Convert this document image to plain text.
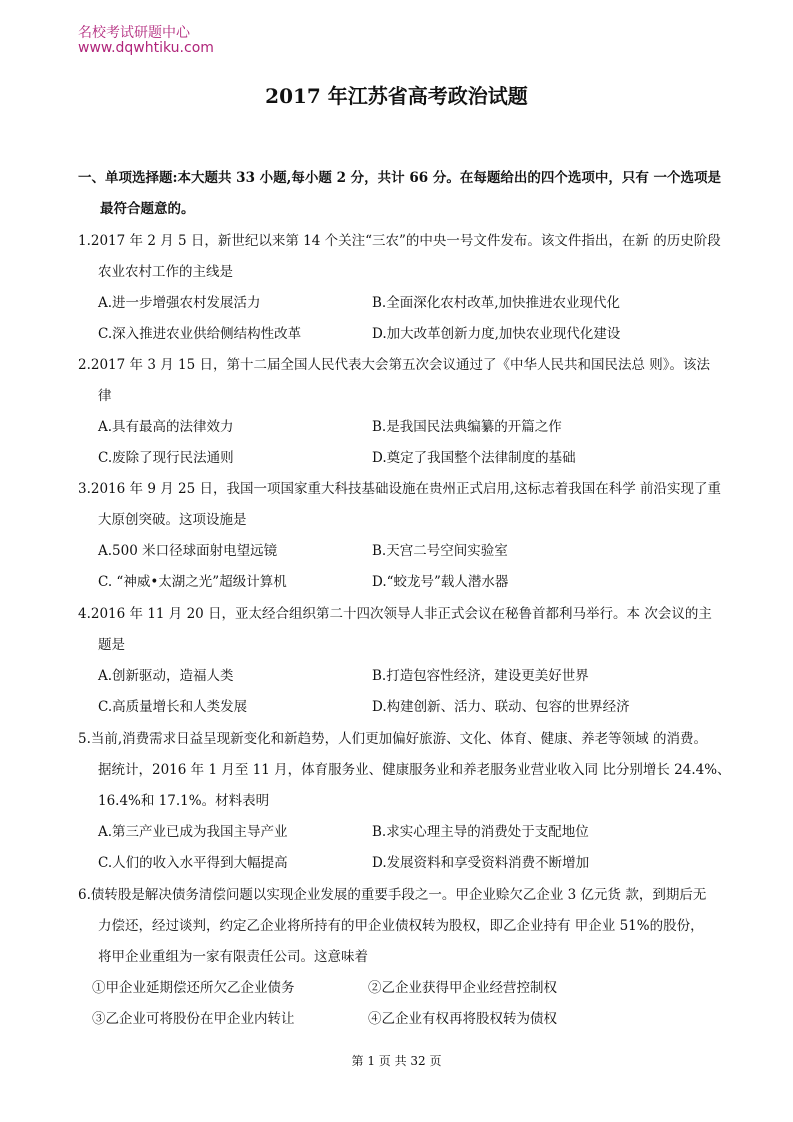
名校考试研题中心
www.dqwhtiku.com
2017 年江苏省高考政治试题
一、单项选择题:本大题共 33 小题,每小题 2 分，共计 66 分。在每题给出的四个选项中，只有 一个选项是
最符合题意的。
1.2017 年 2 月 5 日，新世纪以来第 14 个关注“三农”的中央一号文件发布。该文件指出，在新 的历史阶段
农业农村工作的主线是
A.进一步增强农村发展活力	B.全面深化农村改革,加快推进农业现代化
C.深入推进农业供给侧结构性改革	D.加大改革创新力度,加快农业现代化建设
2.2017 年 3 月 15 日，第十二届全国人民代表大会第五次会议通过了《中华人民共和国民法总 则》。该法
律
A.具有最高的法律效力	B.是我国民法典编纂的开篇之作
C.废除了现行民法通则	D.奠定了我国整个法律制度的基础
3.2016 年 9 月 25 日，我国一项国家重大科技基础设施在贵州正式启用,这标志着我国在科学 前沿实现了重
大原创突破。这项设施是
A.500 米口径球面射电望远镜	B.天宫二号空间实验室
C. “神威•太湖之光”超级计算机	D.“蛟龙号”载人潜水器
4.2016 年 11 月 20 日，亚太经合组织第二十四次领导人非正式会议在秘鲁首都利马举行。本 次会议的主
题是
A.创新驱动，造福人类	B.打造包容性经济，建设更美好世界
C.高质量增长和人类发展	D.构建创新、活力、联动、包容的世界经济
5.当前,消费需求日益呈现新变化和新趋势，人们更加偏好旅游、文化、体育、健康、养老等领域 的消费。
据统计，2016 年 1 月至 11 月，体育服务业、健康服务业和养老服务业营业收入同 比分别增长 24.4%、
16.4%和 17.1%。材料表明
A.第三产业已成为我国主导产业	B.求实心理主导的消费处于支配地位
C.人们的收入水平得到大幅提高	D.发展资料和享受资料消费不断增加
6.债转股是解决债务清偿问题以实现企业发展的重要手段之一。甲企业赊欠乙企业 3 亿元货 款，到期后无
力偿还，经过谈判，约定乙企业将所持有的甲企业债权转为股权，即乙企业持有 甲企业 51%的股份，
将甲企业重组为一家有限责任公司。这意味着
①甲企业延期偿还所欠乙企业债务	②乙企业获得甲企业经营控制权
③乙企业可将股份在甲企业内转让	④乙企业有权再将股权转为债权
第 1 页 共 32 页
